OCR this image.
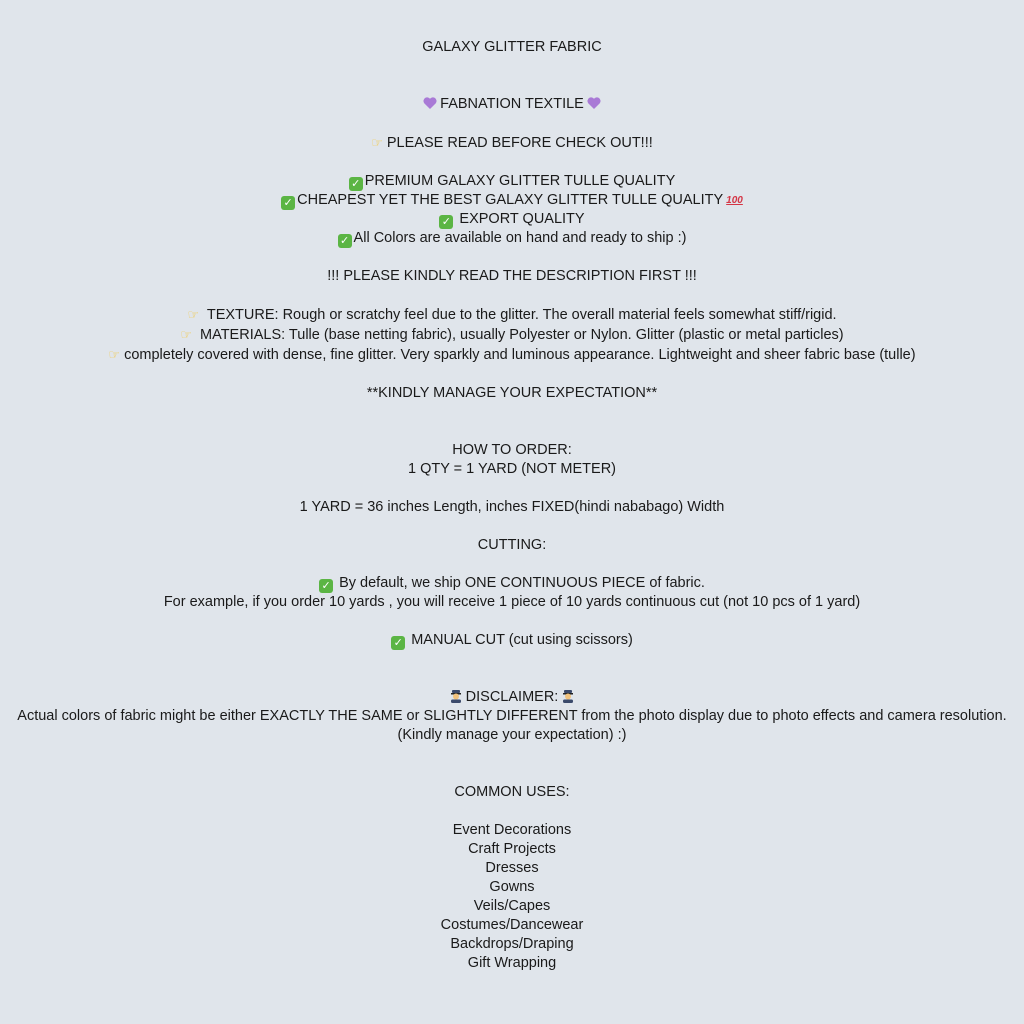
GALAXY GLITTER FABRIC
FABNATION TEXTILE
☞ PLEASE READ BEFORE CHECK OUT!!!
✓ PREMIUM GALAXY GLITTER TULLE QUALITY
✓ CHEAPEST YET THE BEST GALAXY GLITTER TULLE QUALITY 100
✓ EXPORT QUALITY
✓ All Colors are available on hand and ready to ship :)
!!! PLEASE KINDLY READ THE DESCRIPTION FIRST !!!
☞ TEXTURE: Rough or scratchy feel due to the glitter. The overall material feels somewhat stiff/rigid.
☞ MATERIALS: Tulle (base netting fabric), usually Polyester or Nylon. Glitter (plastic or metal particles)
☞ completely covered with dense, fine glitter. Very sparkly and luminous appearance. Lightweight and sheer fabric base (tulle)
**KINDLY MANAGE YOUR EXPECTATION**
HOW TO ORDER:
1 QTY = 1 YARD (NOT METER)
1 YARD = 36 inches Length, inches FIXED(hindi nababago) Width
CUTTING:
✓ By default, we ship ONE CONTINUOUS PIECE of fabric.
For example, if you order 10 yards , you will receive 1 piece of 10 yards continuous cut (not 10 pcs of 1 yard)
✓ MANUAL CUT (cut using scissors)
DISCLAIMER:
Actual colors of fabric might be either EXACTLY THE SAME or SLIGHTLY DIFFERENT from the photo display due to photo effects and camera resolution.
(Kindly manage your expectation) :)
COMMON USES:
Event Decorations
Craft Projects
Dresses
Gowns
Veils/Capes
Costumes/Dancewear
Backdrops/Draping
Gift Wrapping
